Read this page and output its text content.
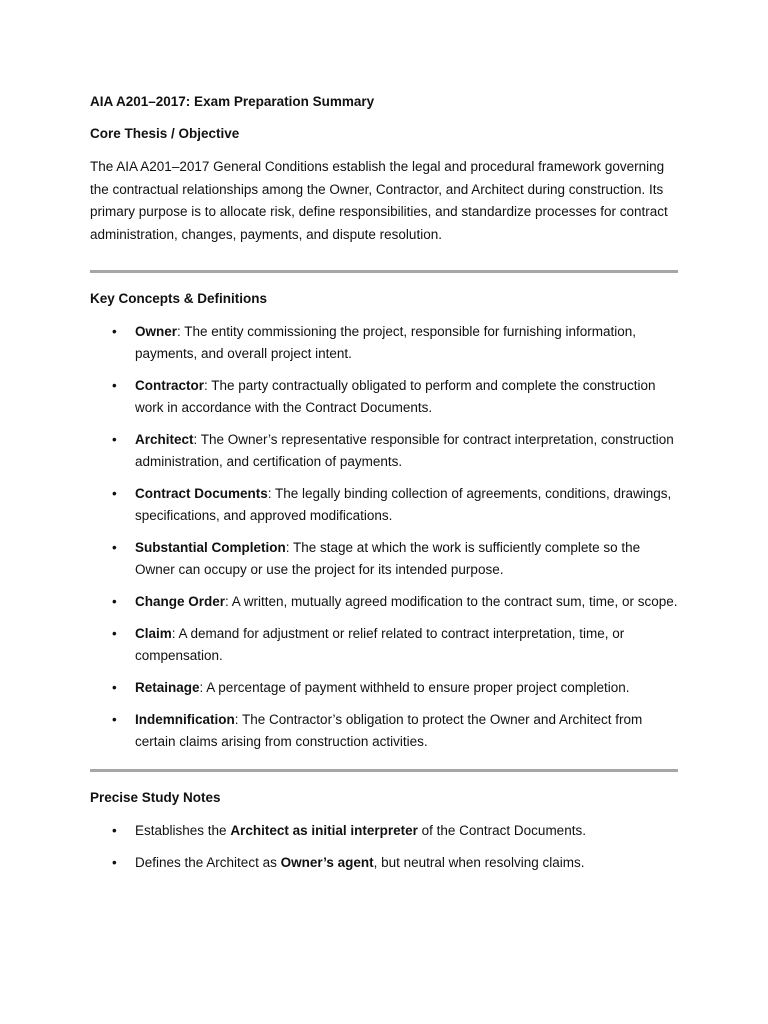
AIA A201–2017: Exam Preparation Summary

Core Thesis / Objective

The AIA A201–2017 General Conditions establish the legal and procedural framework governing the contractual relationships among the Owner, Contractor, and Architect during construction. Its primary purpose is to allocate risk, define responsibilities, and standardize processes for contract administration, changes, payments, and dispute resolution.

Key Concepts & Definitions

• Owner: The entity commissioning the project, responsible for furnishing information, payments, and overall project intent.
• Contractor: The party contractually obligated to perform and complete the construction work in accordance with the Contract Documents.
• Architect: The Owner’s representative responsible for contract interpretation, construction administration, and certification of payments.
• Contract Documents: The legally binding collection of agreements, conditions, drawings, specifications, and approved modifications.
• Substantial Completion: The stage at which the work is sufficiently complete so the Owner can occupy or use the project for its intended purpose.
• Change Order: A written, mutually agreed modification to the contract sum, time, or scope.
• Claim: A demand for adjustment or relief related to contract interpretation, time, or compensation.
• Retainage: A percentage of payment withheld to ensure proper project completion.
• Indemnification: The Contractor’s obligation to protect the Owner and Architect from certain claims arising from construction activities.

Precise Study Notes

• Establishes the Architect as initial interpreter of the Contract Documents.
• Defines the Architect as Owner’s agent, but neutral when resolving claims.
